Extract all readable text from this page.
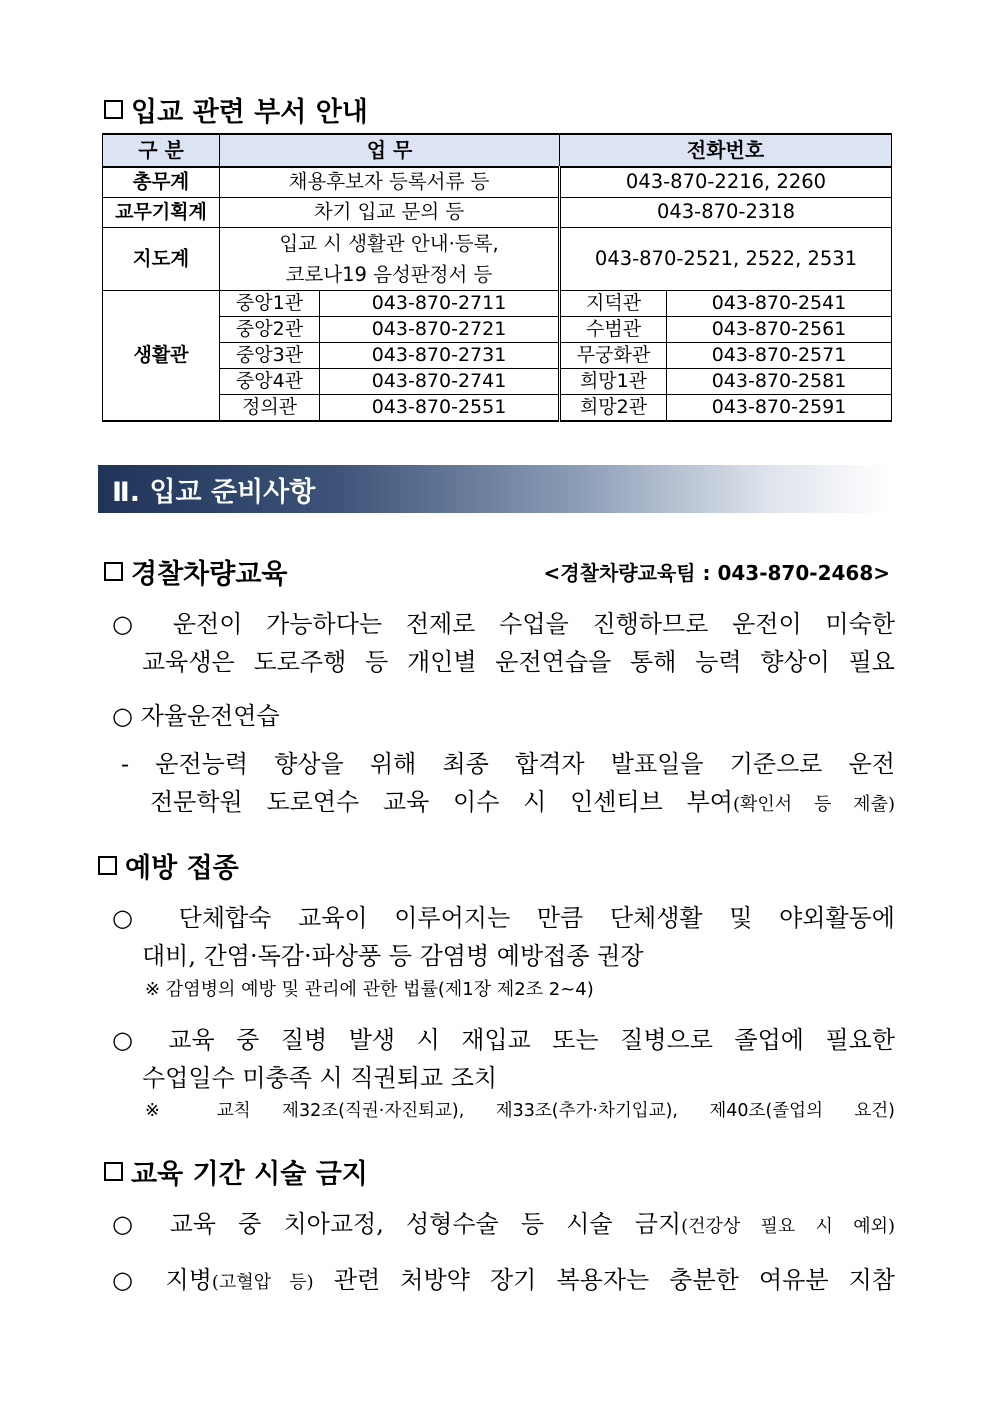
입교 관련 부서 안내
구 분	업 무		전화번호	
총무계	채용후보자 등록서류 등		043-870-2216, 2260	
교무기획계	차기 입교 문의 등		043-870-2318	
지도계	입교 시 생활관 안내·등록,
코로나19 음성판정서 등		043-870-2521, 2522, 2531	
생활관	중앙1관	043-870-2711	지덕관	043-870-2541
	중앙2관	043-870-2721	수범관	043-870-2561
	중앙3관	043-870-2731	무궁화관	043-870-2571
	중앙4관	043-870-2741	희망1관	043-870-2581
	정의관	043-870-2551	희망2관	043-870-2591
Ⅱ. 입교 준비사항
경찰차량교육	<경찰차량교육팀 : 043-870-2468>
○ 운전이 가능하다는 전제로 수업을 진행하므로 운전이 미숙한
교육생은 도로주행 등 개인별 운전연습을 통해 능력 향상이 필요
○ 자율운전연습
- 운전능력 향상을 위해 최종 합격자 발표일을 기준으로 운전
전문학원 도로연수 교육 이수 시 인센티브 부여(확인서 등 제출)
예방 접종
○ 단체합숙 교육이 이루어지는 만큼 단체생활 및 야외활동에
대비, 간염·독감·파상풍 등 감염병 예방접종 권장
※ 감염병의 예방 및 관리에 관한 법률(제1장 제2조 2~4)
○ 교육 중 질병 발생 시 재입교 또는 질병으로 졸업에 필요한
수업일수 미충족 시 직권퇴교 조치
※ 교칙 제32조(직권·자진퇴교), 제33조(추가·차기입교), 제40조(졸업의 요건)
교육 기간 시술 금지
○ 교육 중 치아교정, 성형수술 등 시술 금지(건강상 필요 시 예외)
○ 지병(고혈압 등) 관련 처방약 장기 복용자는 충분한 여유분 지참
